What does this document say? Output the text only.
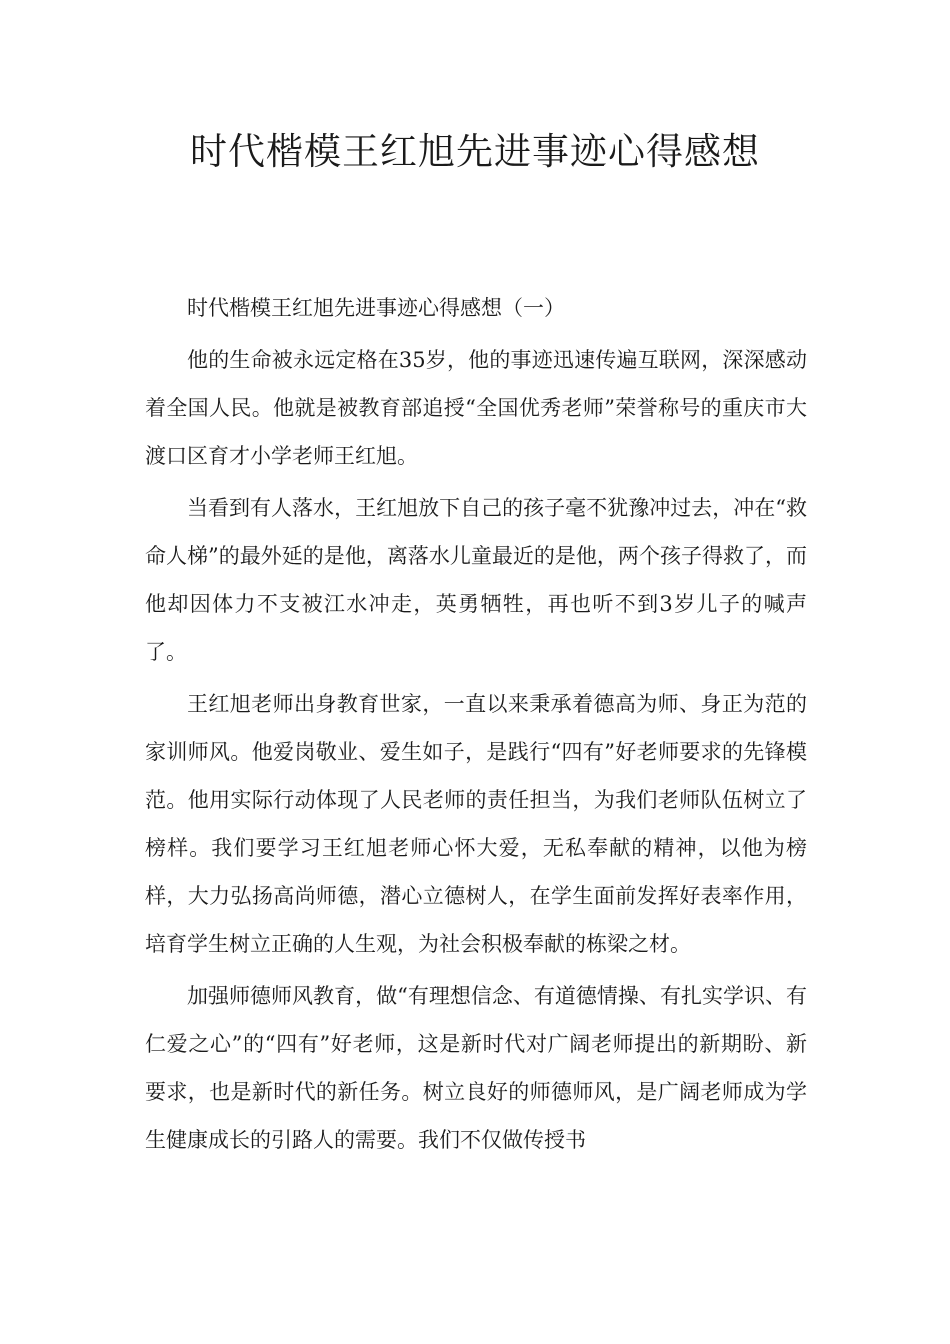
时代楷模王红旭先进事迹心得感想

时代楷模王红旭先进事迹心得感想（一）

他的生命被永远定格在35岁，他的事迹迅速传遍互联网，深深感动着全国人民。他就是被教育部追授“全国优秀老师”荣誉称号的重庆市大渡口区育才小学老师王红旭。

当看到有人落水，王红旭放下自己的孩子毫不犹豫冲过去，冲在“救命人梯”的最外延的是他，离落水儿童最近的是他，两个孩子得救了，而他却因体力不支被江水冲走，英勇牺牲，再也听不到3岁儿子的喊声了。

王红旭老师出身教育世家，一直以来秉承着德高为师、身正为范的家训师风。他爱岗敬业、爱生如子，是践行“四有”好老师要求的先锋模范。他用实际行动体现了人民老师的责任担当，为我们老师队伍树立了榜样。我们要学习王红旭老师心怀大爱，无私奉献的精神，以他为榜样，大力弘扬高尚师德，潜心立德树人，在学生面前发挥好表率作用，培育学生树立正确的人生观，为社会积极奉献的栋梁之材。

加强师德师风教育，做“有理想信念、有道德情操、有扎实学识、有仁爱之心”的“四有”好老师，这是新时代对广阔老师提出的新期盼、新要求，也是新时代的新任务。树立良好的师德师风，是广阔老师成为学生健康成长的引路人的需要。我们不仅做传授书
